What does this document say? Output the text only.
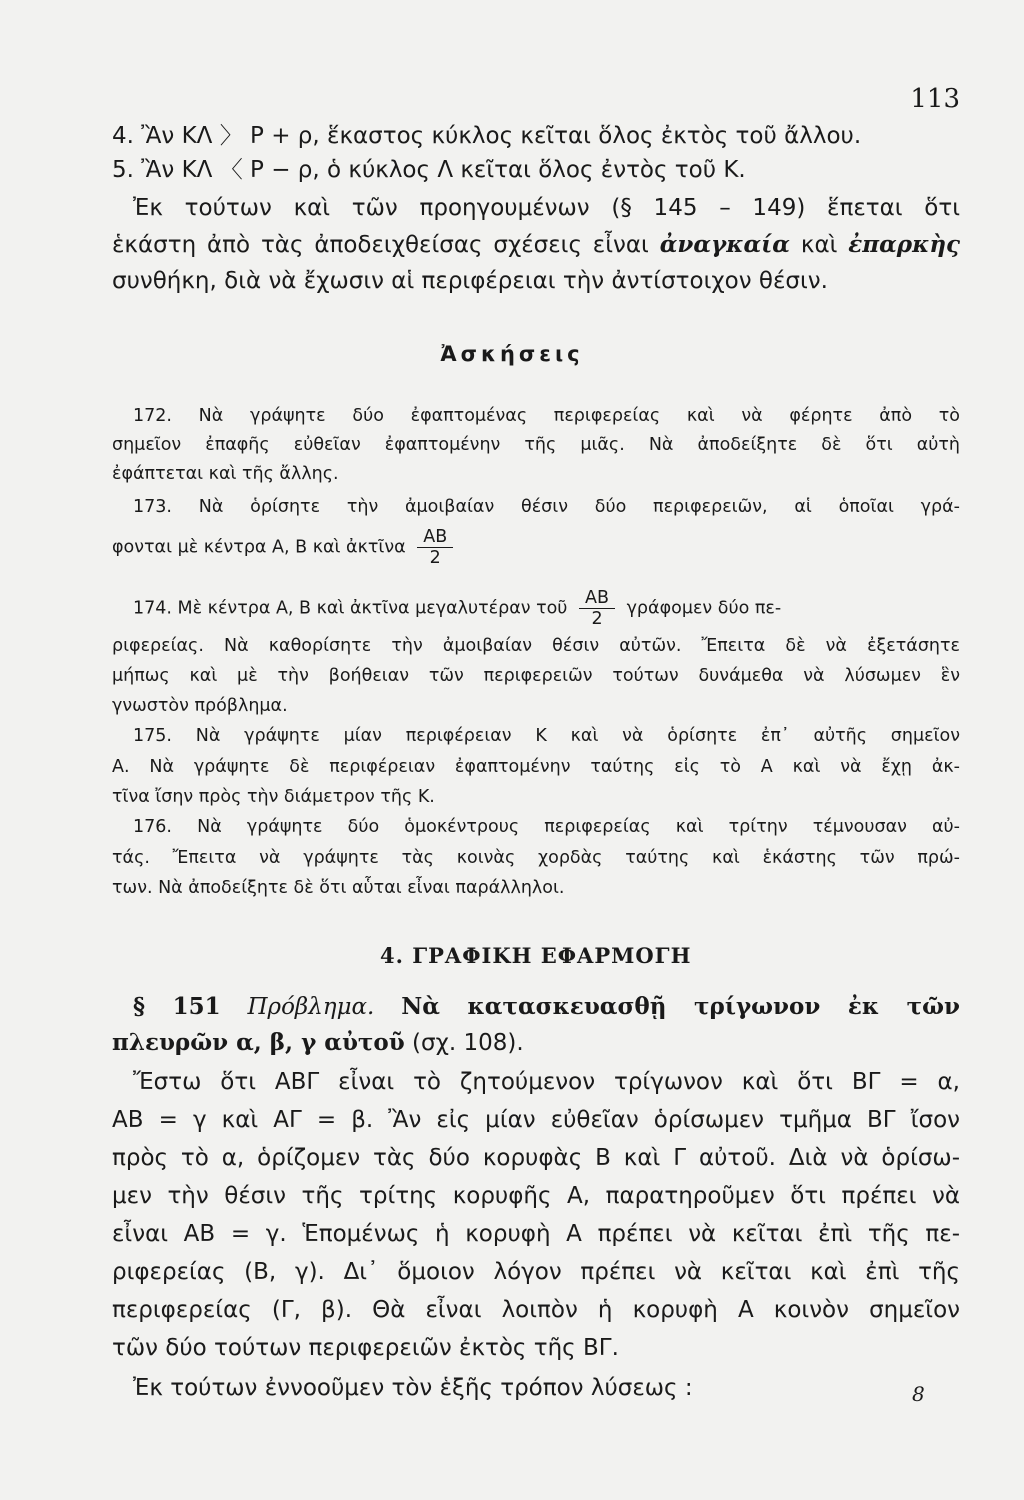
113
4. Ἂν ΚΛ 〉 Ρ + ρ, ἕκαστος κύκλος κεῖται ὅλος ἐκτὸς τοῦ ἄλλου.
5. Ἂν ΚΛ 〈 Ρ − ρ, ὁ κύκλος Λ κεῖται ὅλος ἐντὸς τοῦ Κ.
Ἐκ τούτων καὶ τῶν προηγουμένων (§ 145 – 149) ἕπεται ὅτι
ἑκάστη ἀπὸ τὰς ἀποδειχθείσας σχέσεις εἶναι ἀναγκαία καὶ ἐπαρκὴς
συνθήκη, διὰ νὰ ἔχωσιν αἱ περιφέρειαι τὴν ἀντίστοιχον θέσιν.
Ἀσκήσεις
172. Νὰ γράψητε δύο ἐφαπτομένας περιφερείας καὶ νὰ φέρητε ἀπὸ τὸ
σημεῖον ἐπαφῆς εὐθεῖαν ἐφαπτομένην τῆς μιᾶς. Νὰ ἀποδείξητε δὲ ὅτι αὐτὴ
ἐφάπτεται καὶ τῆς ἄλλης.
173. Νὰ ὁρίσητε τὴν ἀμοιβαίαν θέσιν δύο περιφερειῶν, αἱ ὁποῖαι γρά-
φονται μὲ κέντρα Α, Β καὶ ἀκτῖνα $\frac{AB}{2}$
174. Μὲ κέντρα Α, Β καὶ ἀκτῖνα μεγαλυτέραν τοῦ $\frac{AB}{2}$ γράφομεν δύο πε-
ριφερείας. Νὰ καθορίσητε τὴν ἀμοιβαίαν θέσιν αὐτῶν. Ἔπειτα δὲ νὰ ἐξετάσητε
μήπως καὶ μὲ τὴν βοήθειαν τῶν περιφερειῶν τούτων δυνάμεθα νὰ λύσωμεν ἓν
γνωστὸν πρόβλημα.
175. Νὰ γράψητε μίαν περιφέρειαν Κ καὶ νὰ ὁρίσητε ἐπ᾽ αὐτῆς σημεῖον
Α. Νὰ γράψητε δὲ περιφέρειαν ἐφαπτομένην ταύτης εἰς τὸ Α καὶ νὰ ἔχῃ ἀκ-
τῖνα ἴσην πρὸς τὴν διάμετρον τῆς Κ.
176. Νὰ γράψητε δύο ὁμοκέντρους περιφερείας καὶ τρίτην τέμνουσαν αὐ-
τάς. Ἔπειτα νὰ γράψητε τὰς κοινὰς χορδὰς ταύτης καὶ ἑκάστης τῶν πρώ-
των. Νὰ ἀποδείξητε δὲ ὅτι αὗται εἶναι παράλληλοι.
4. ΓΡΑΦΙΚΗ ΕΦΑΡΜΟΓΗ
§ 151 Πρόβλημα. Νὰ κατασκευασθῇ τρίγωνον ἐκ τῶν
πλευρῶν α, β, γ αὐτοῦ (σχ. 108).
Ἔστω ὅτι ΑΒΓ εἶναι τὸ ζητούμενον τρίγωνον καὶ ὅτι ΒΓ = α,
ΑΒ = γ καὶ ΑΓ = β. Ἂν εἰς μίαν εὐθεῖαν ὁρίσωμεν τμῆμα ΒΓ ἴσον
πρὸς τὸ α, ὁρίζομεν τὰς δύο κορυφὰς Β καὶ Γ αὐτοῦ. Διὰ νὰ ὁρίσω-
μεν τὴν θέσιν τῆς τρίτης κορυφῆς Α, παρατηροῦμεν ὅτι πρέπει νὰ
εἶναι ΑΒ = γ. Ἑπομένως ἡ κορυφὴ Α πρέπει νὰ κεῖται ἐπὶ τῆς πε-
ριφερείας (Β, γ). Δι᾽ ὅμοιον λόγον πρέπει νὰ κεῖται καὶ ἐπὶ τῆς
περιφερείας (Γ, β). Θὰ εἶναι λοιπὸν ἡ κορυφὴ Α κοινὸν σημεῖον
τῶν δύο τούτων περιφερειῶν ἐκτὸς τῆς ΒΓ.
Ἐκ τούτων ἐννοοῦμεν τὸν ἑξῆς τρόπον λύσεως :	8
